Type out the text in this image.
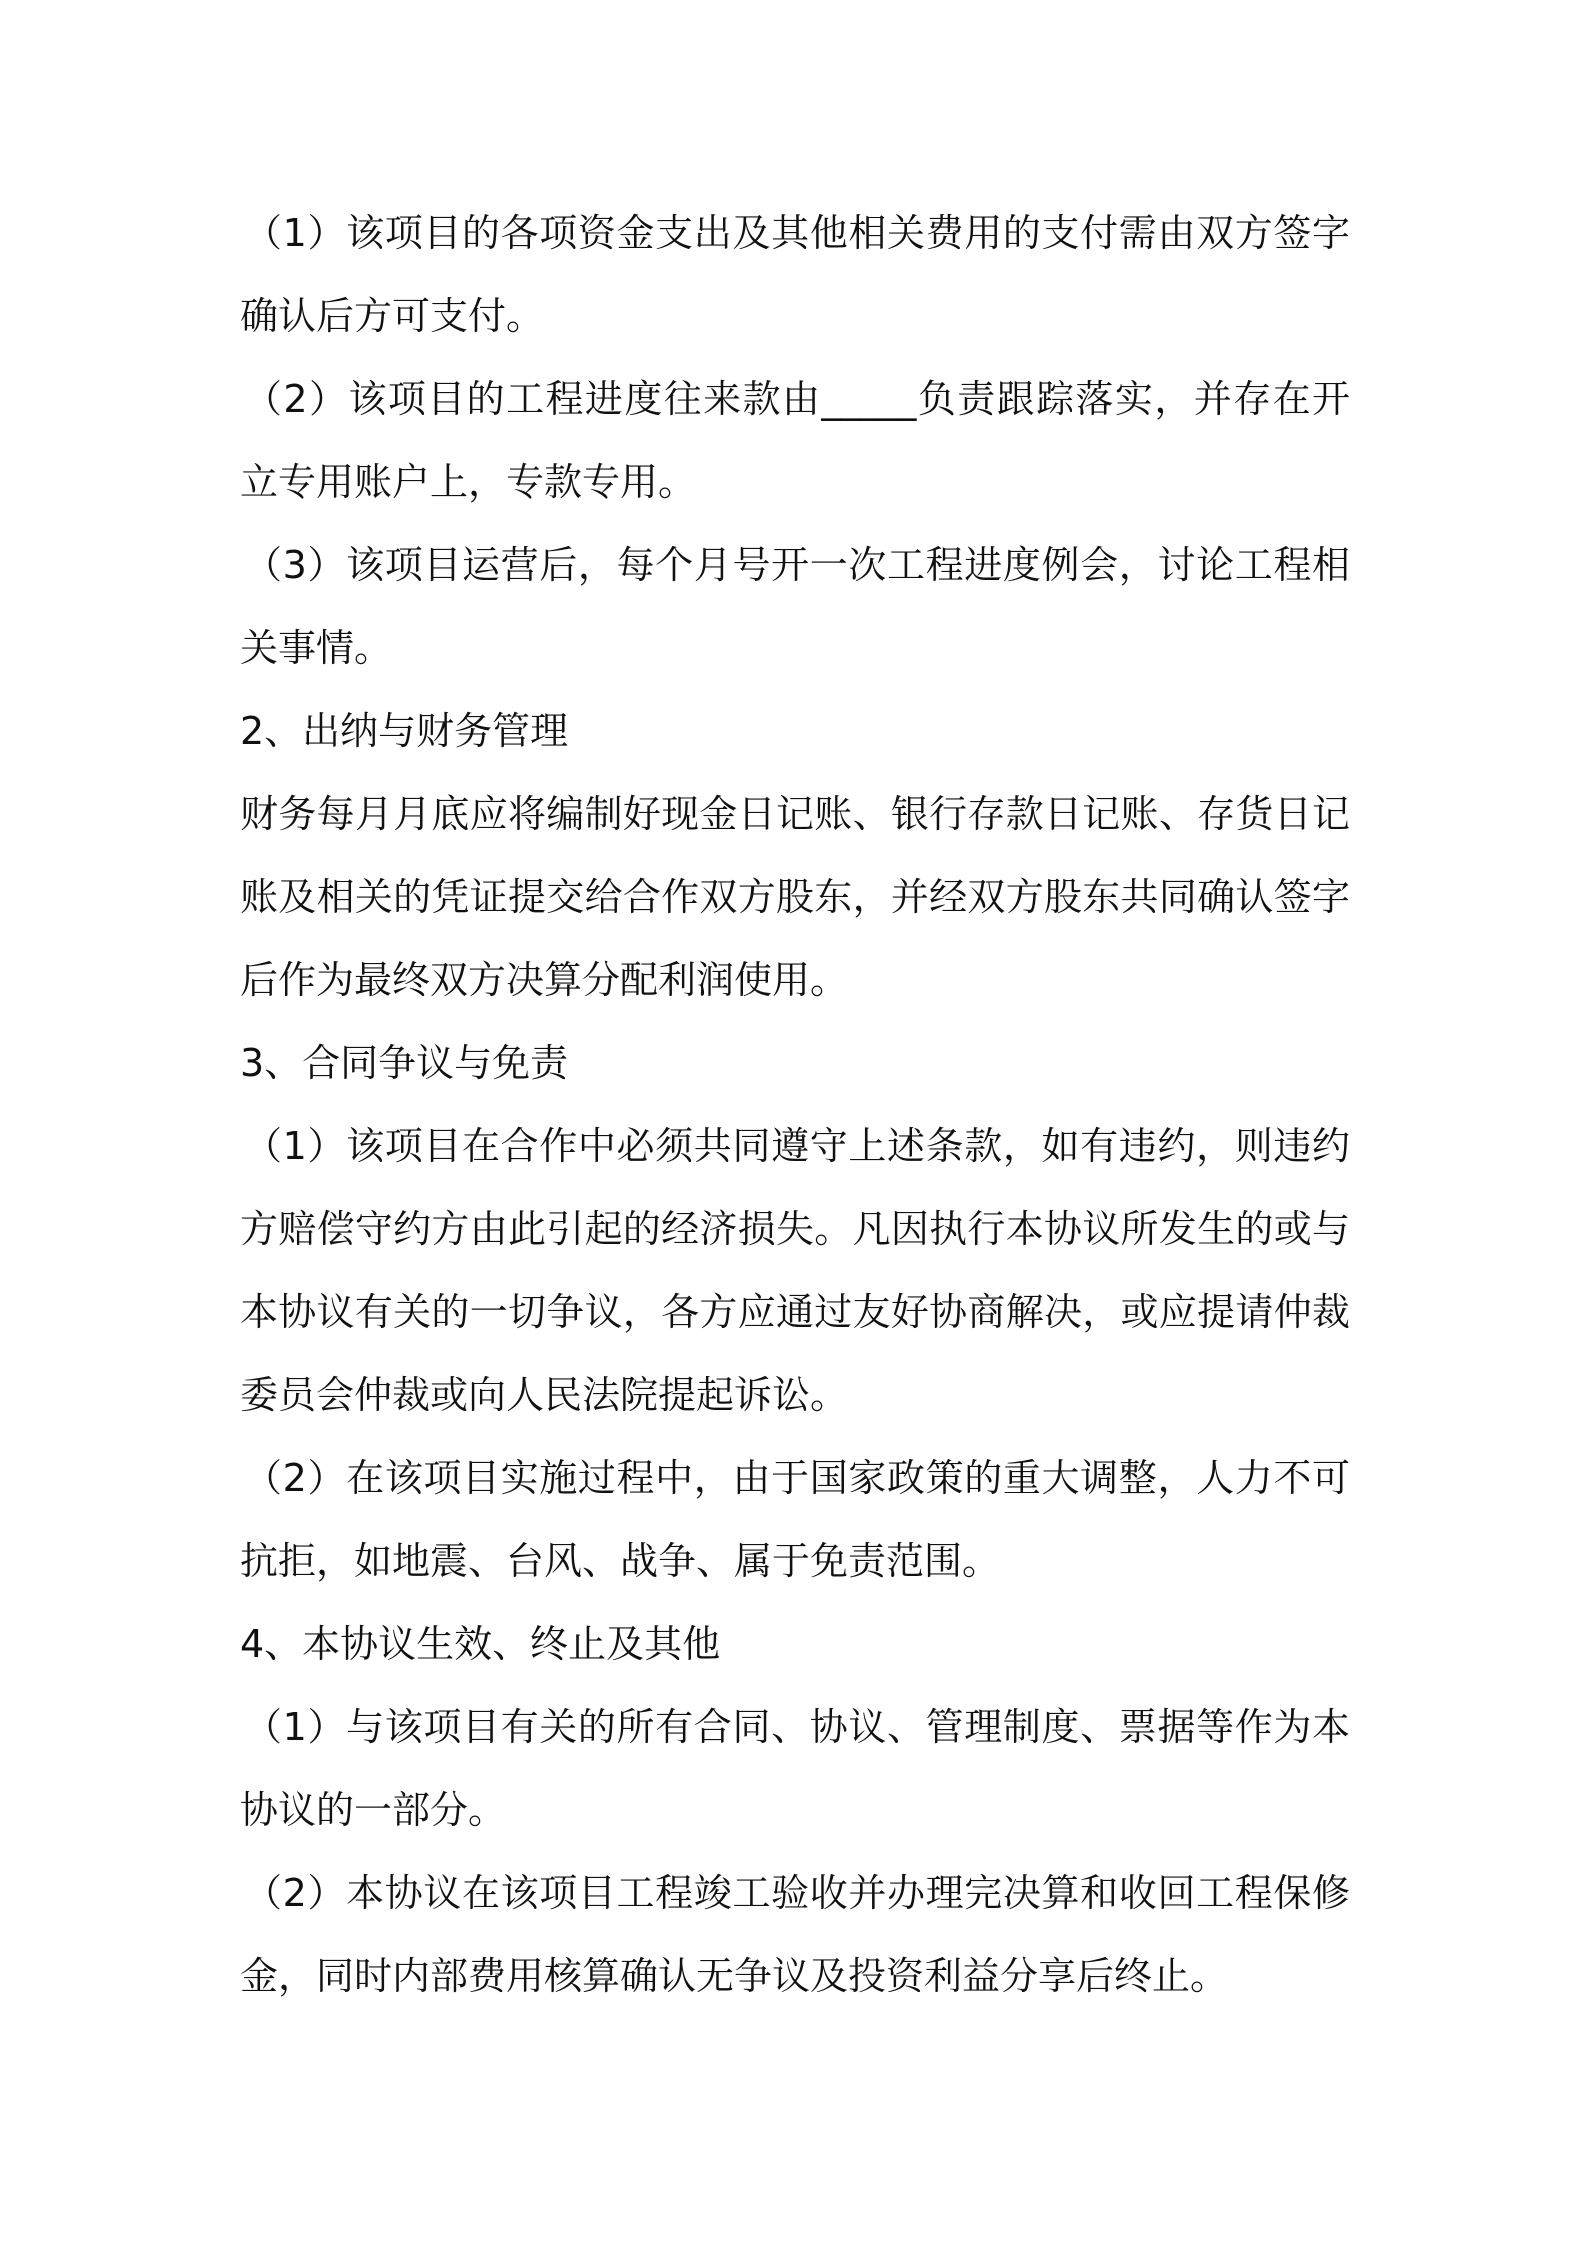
（1）该项目的各项资金支出及其他相关费用的支付需由双方签字确认后方可支付。

（2）该项目的工程进度往来款由_____负责跟踪落实，并存在开立专用账户上，专款专用。

（3）该项目运营后，每个月号开一次工程进度例会，讨论工程相关事情。

2、出纳与财务管理

财务每月月底应将编制好现金日记账、银行存款日记账、存货日记账及相关的凭证提交给合作双方股东，并经双方股东共同确认签字后作为最终双方决算分配利润使用。

3、合同争议与免责

（1）该项目在合作中必须共同遵守上述条款，如有违约，则违约方赔偿守约方由此引起的经济损失。凡因执行本协议所发生的或与本协议有关的一切争议，各方应通过友好协商解决，或应提请仲裁委员会仲裁或向人民法院提起诉讼。

（2）在该项目实施过程中，由于国家政策的重大调整，人力不可抗拒，如地震、台风、战争、属于免责范围。

4、本协议生效、终止及其他

（1）与该项目有关的所有合同、协议、管理制度、票据等作为本协议的一部分。

（2）本协议在该项目工程竣工验收并办理完决算和收回工程保修金，同时内部费用核算确认无争议及投资利益分享后终止。
